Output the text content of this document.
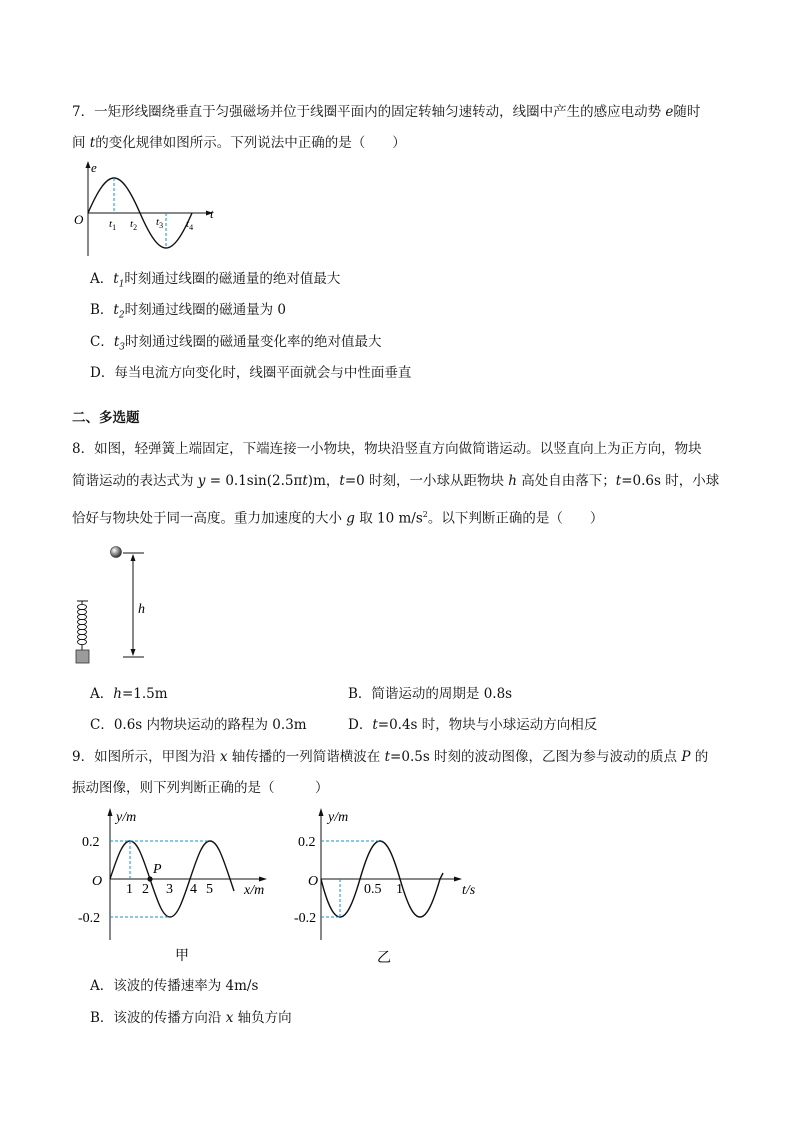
7．一矩形线圈绕垂直于匀强磁场并位于线圈平面内的固定转轴匀速转动，线圈中产生的感应电动势 e随时
间 t的变化规律如图所示。下列说法中正确的是（　　）
e
t
O $t_1$ $t_2$ $t_3$ $t_4$
A．$t_1$时刻通过线圈的磁通量的绝对值最大
B．$t_2$时刻通过线圈的磁通量为 0
C．$t_3$时刻通过线圈的磁通量变化率的绝对值最大
D．每当电流方向变化时，线圈平面就会与中性面垂直
二、多选题
8．如图，轻弹簧上端固定，下端连接一小物块，物块沿竖直方向做简谐运动。以竖直向上为正方向，物块
简谐运动的表达式为 y = 0.1sin(2.5πt)m，t=0 时刻，一小球从距物块 h 高处自由落下；t=0.6s 时，小球
恰好与物块处于同一高度。重力加速度的大小 g 取 10 $m/s^2$。以下判断正确的是（　　）
h
A．h=1.5m	B．简谐运动的周期是 0.8s
C．0.6s 内物块运动的路程为 0.3m	D．t=0.4s 时，物块与小球运动方向相反
9．如图所示，甲图为沿 x 轴传播的一列简谐横波在 t=0.5s 时刻的波动图像，乙图为参与波动的质点 P 的
振动图像，则下列判断正确的是（　　　）
y/m
x/m
O
0.2
-0.2
1 2 3 4 5
P
甲
y/m
t/s
O
0.2
-0.2
0.5 1
乙
A．该波的传播速率为 4m/s
B．该波的传播方向沿 x 轴负方向
